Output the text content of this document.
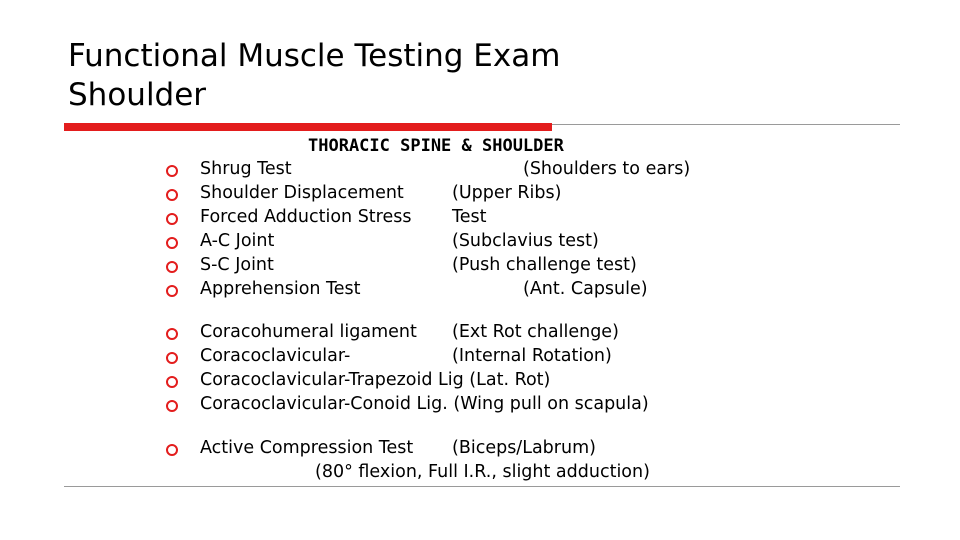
Functional Muscle Testing Exam
Shoulder

THORACIC SPINE & SHOULDER

Shrug Test	(Shoulders to ears)

Shoulder Displacement	(Upper Ribs)

Forced Adduction Stress Test

A-C Joint	(Subclavius test)

S-C Joint	(Push challenge test)

Apprehension Test	(Ant. Capsule)

Coracohumeral ligament (Ext Rot challenge)

Coracoclavicular-	(Internal Rotation)

Coracoclavicular-Trapezoid Lig (Lat. Rot)

Coracoclavicular-Conoid Lig. (Wing pull on scapula)

Active Compression Test (Biceps/Labrum)

(80° flexion, Full I.R., slight adduction)
